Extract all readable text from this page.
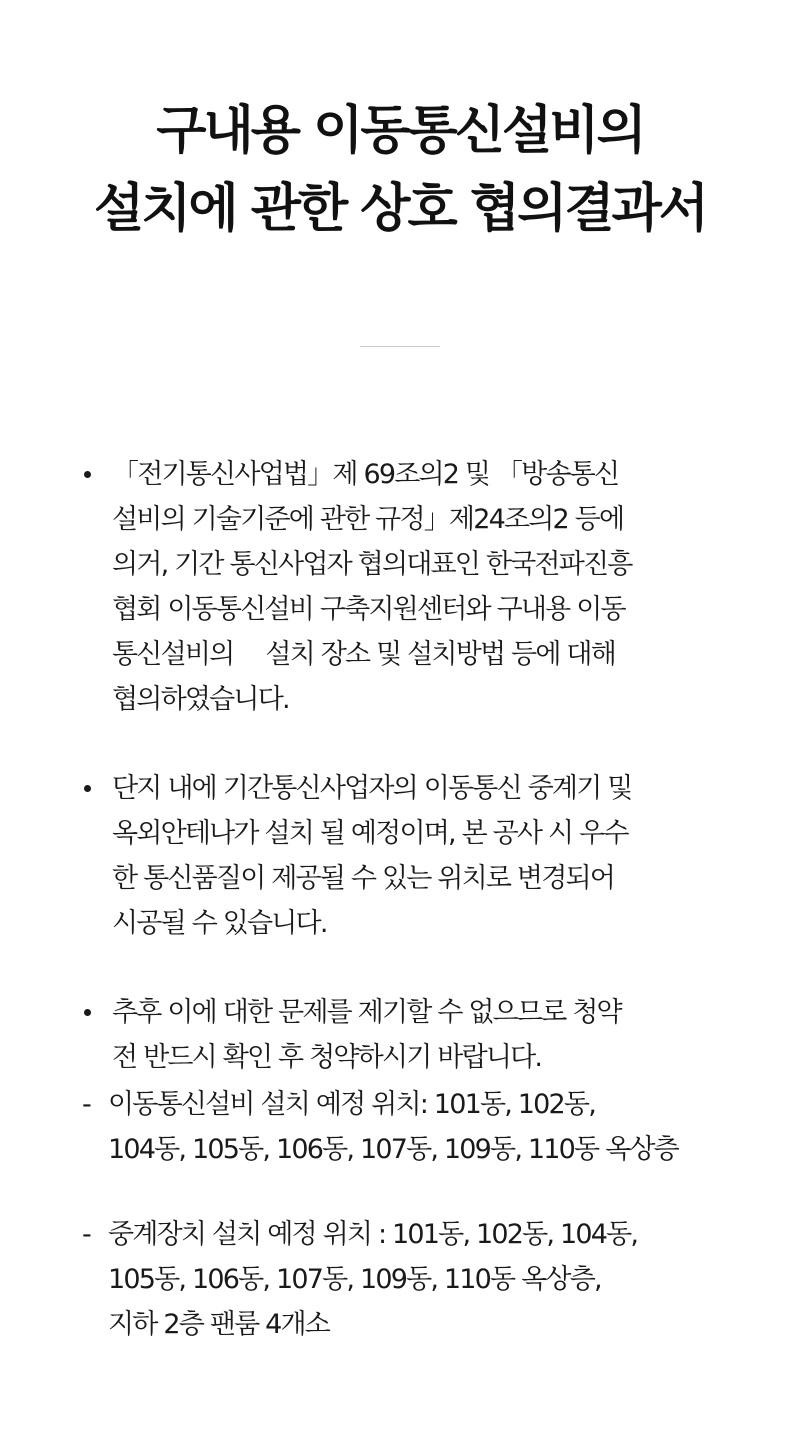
구내용 이동통신설비의
설치에 관한 상호 협의결과서
「전기통신사업법」제 69조의2 및 「방송통신
설비의 기술기준에 관한 규정」제24조의2 등에
의거, 기간 통신사업자 협의대표인 한국전파진흥
협회 이동통신설비 구축지원센터와 구내용 이동
통신설비의 　설치 장소 및 설치방법 등에 대해
협의하였습니다.
단지 내에 기간통신사업자의 이동통신 중계기 및
옥외안테나가 설치 될 예정이며, 본 공사 시 우수
한 통신품질이 제공될 수 있는 위치로 변경되어
시공될 수 있습니다.
추후 이에 대한 문제를 제기할 수 없으므로 청약
전 반드시 확인 후 청약하시기 바랍니다.
- 이동통신설비 설치 예정 위치: 101동, 102동,
104동, 105동, 106동, 107동, 109동, 110동 옥상층
- 중계장치 설치 예정 위치 : 101동, 102동, 104동,
105동, 106동, 107동, 109동, 110동 옥상층,
지하 2층 팬룸 4개소
